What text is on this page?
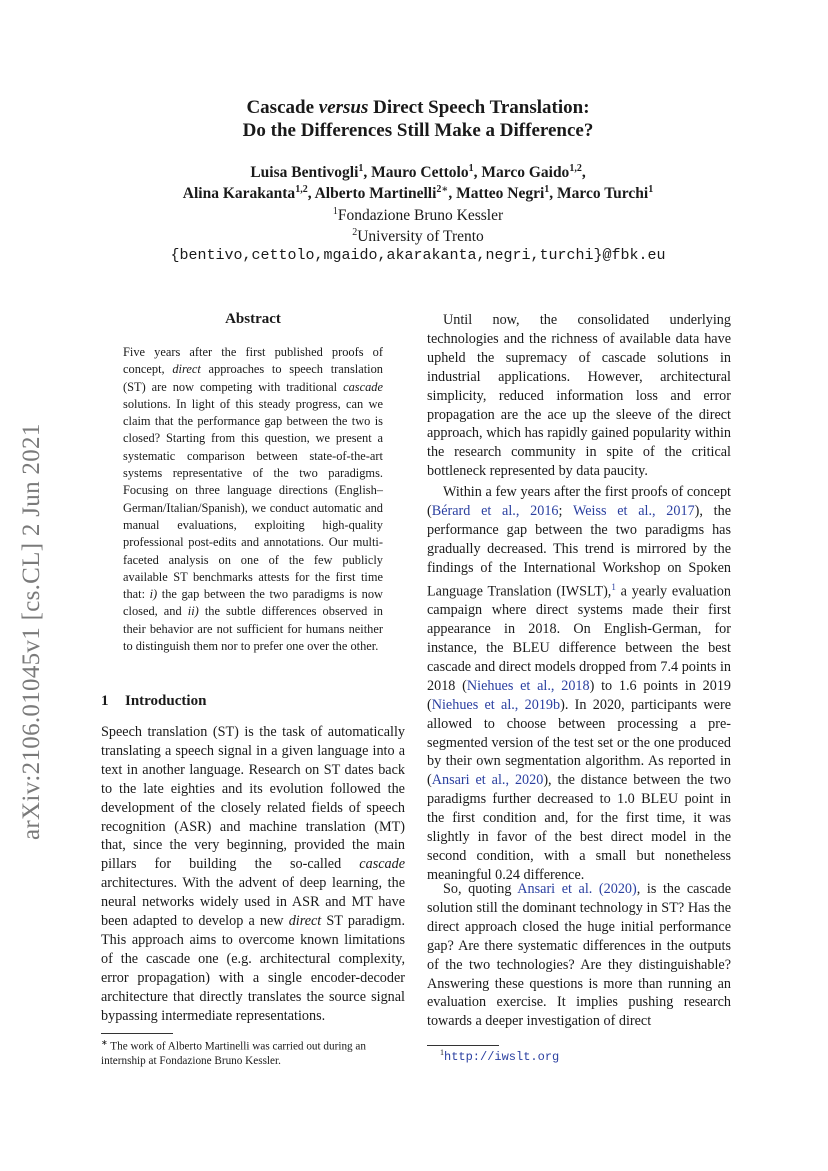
arXiv:2106.01045v1 [cs.CL] 2 Jun 2021
Cascade versus Direct Speech Translation:
Do the Differences Still Make a Difference?
Luisa Bentivogli$^1$, Mauro Cettolo$^1$, Marco Gaido$^{1,2}$,
Alina Karakanta$^{1,2}$, Alberto Martinelli$^{2∗}$, Matteo Negri$^1$, Marco Turchi$^1$
$^1$Fondazione Bruno Kessler
$^2$University of Trento
{bentivo,cettolo,mgaido,akarakanta,negri,turchi}@fbk.eu
Abstract
Five years after the first published proofs of concept, direct approaches to speech translation (ST) are now competing with traditional cascade solutions. In light of this steady progress, can we claim that the performance gap between the two is closed? Starting from this question, we present a systematic comparison between state-of-the-art systems representative of the two paradigms. Focusing on three language directions (English–German/Italian/Spanish), we conduct automatic and manual evaluations, exploiting high-quality professional post-edits and annotations. Our multi-faceted analysis on one of the few publicly available ST benchmarks attests for the first time that: i) the gap between the two paradigms is now closed, and ii) the subtle differences observed in their behavior are not sufficient for humans neither to distinguish them nor to prefer one over the other.
1 Introduction

Speech translation (ST) is the task of automatically translating a speech signal in a given language into a text in another language. Research on ST dates back to the late eighties and its evolution followed the development of the closely related fields of speech recognition (ASR) and machine translation (MT) that, since the very beginning, provided the main pillars for building the so-called cascade architectures. With the advent of deep learning, the neural networks widely used in ASR and MT have been adapted to develop a new direct ST paradigm. This approach aims to overcome known limitations of the cascade one (e.g. architectural complexity, error propagation) with a single encoder-decoder architecture that directly translates the source signal bypassing intermediate representations.

Until now, the consolidated underlying technologies and the richness of available data have upheld the supremacy of cascade solutions in industrial applications. However, architectural simplicity, reduced information loss and error propagation are the ace up the sleeve of the direct approach, which has rapidly gained popularity within the research community in spite of the critical bottleneck represented by data paucity.

Within a few years after the first proofs of concept (Bérard et al., 2016; Weiss et al., 2017), the performance gap between the two paradigms has gradually decreased. This trend is mirrored by the findings of the International Workshop on Spoken Language Translation (IWSLT),$^1$ a yearly evaluation campaign where direct systems made their first appearance in 2018. On English-German, for instance, the BLEU difference between the best cascade and direct models dropped from 7.4 points in 2018 (Niehues et al., 2018) to 1.6 points in 2019 (Niehues et al., 2019b). In 2020, participants were allowed to choose between processing a pre-segmented version of the test set or the one produced by their own segmentation algorithm. As reported in (Ansari et al., 2020), the distance between the two paradigms further decreased to 1.0 BLEU point in the first condition and, for the first time, it was slightly in favor of the best direct model in the second condition, with a small but nonetheless meaningful 0.24 difference.

So, quoting Ansari et al. (2020), is the cascade solution still the dominant technology in ST? Has the direct approach closed the huge initial performance gap? Are there systematic differences in the outputs of the two technologies? Are they distinguishable? Answering these questions is more than running an evaluation exercise. It implies pushing research towards a deeper investigation of direct

∗ The work of Alberto Martinelli was carried out during an internship at Fondazione Bruno Kessler.
$^1$http://iwslt.org
